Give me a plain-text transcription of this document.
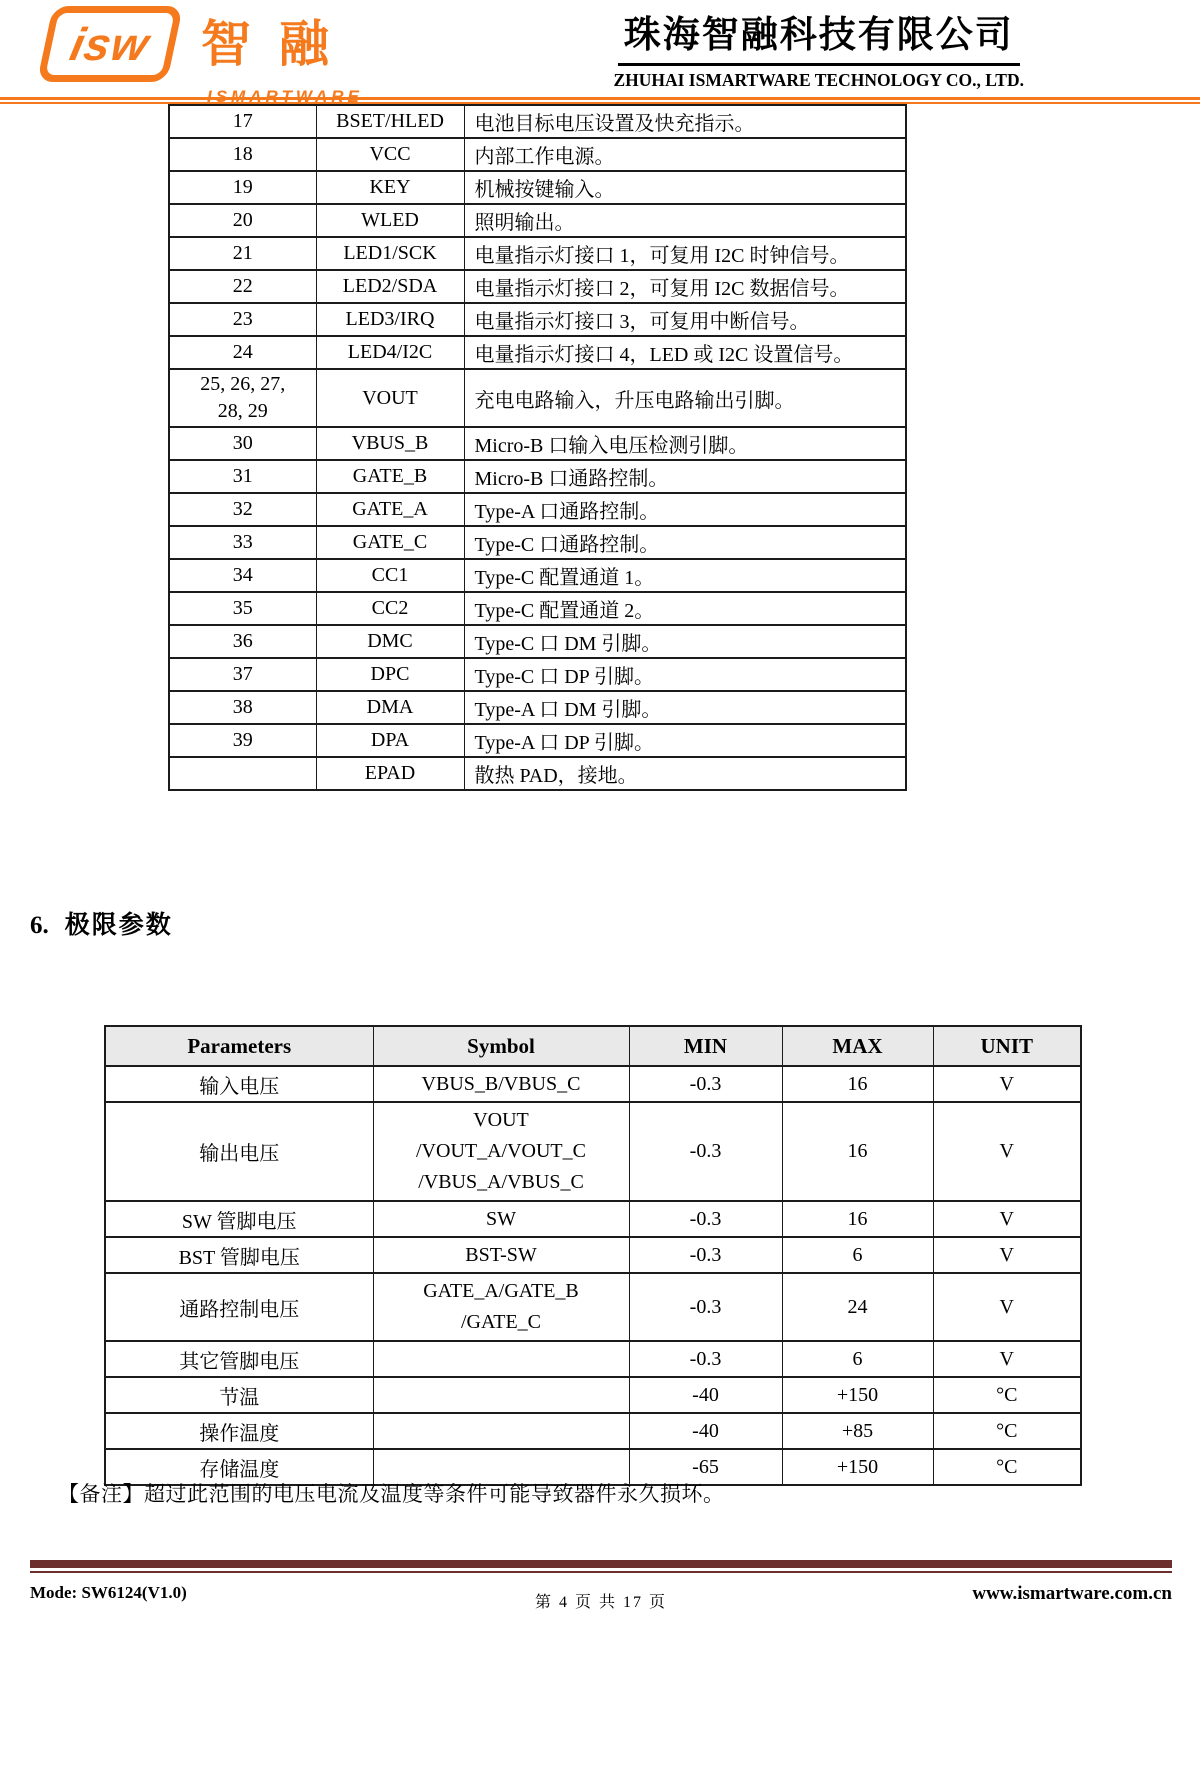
isw 智融	珠海智融科技有限公司
ZHUHAI ISMARTWARE TECHNOLOGY CO., LTD.
17	BSET/HLED	电池目标电压设置及快充指示。
18	VCC	内部工作电源。
19	KEY	机械按键输入。
20	WLED	照明输出。
21	LED1/SCK	电量指示灯接口 1，可复用 I2C 时钟信号。
22	LED2/SDA	电量指示灯接口 2，可复用 I2C 数据信号。
23	LED3/IRQ	电量指示灯接口 3，可复用中断信号。
24	LED4/I2C	电量指示灯接口 4，LED 或 I2C 设置信号。

25, 26, 27,
28, 29	VOUT	充电电路输入，升压电路输出引脚。
30	VBUS_B	Micro-B 口输入电压检测引脚。
31	GATE_B	Micro-B 口通路控制。
32	GATE_A	Type-A 口通路控制。
33	GATE_C	Type-C 口通路控制。
34	CC1	Type-C 配置通道 1。
35	CC2	Type-C 配置通道 2。
36	DMC	Type-C 口 DM 引脚。
37	DPC	Type-C 口 DP 引脚。
38	DMA	Type-A 口 DM 引脚。
39	DPA	Type-A 口 DP 引脚。
	EPAD	散热 PAD，接地。
6. 极限参数
Parameters	Symbol	MIN	MAX	UNIT
输入电压	VBUS_B/VBUS_C	-0.3	16	V
输出电压	VOUT
/VOUT_A/VOUT_C
/VBUS_A/VBUS_C	-0.3	16	V
SW 管脚电压	SW	-0.3	16	V
BST 管脚电压	BST-SW	-0.3	6	V
通路控制电压	GATE_A/GATE_B
/GATE_C	-0.3	24	V
其它管脚电压		-0.3	6	V
节温		-40	+150	°C
操作温度		-40	+85	°C
存储温度		-65	+150	°C
【备注】超过此范围的电压电流及温度等条件可能导致器件永久损坏。
Mode: SW6124(V1.0)
第 4 页 共 17 页	www.ismartware.com.cn
